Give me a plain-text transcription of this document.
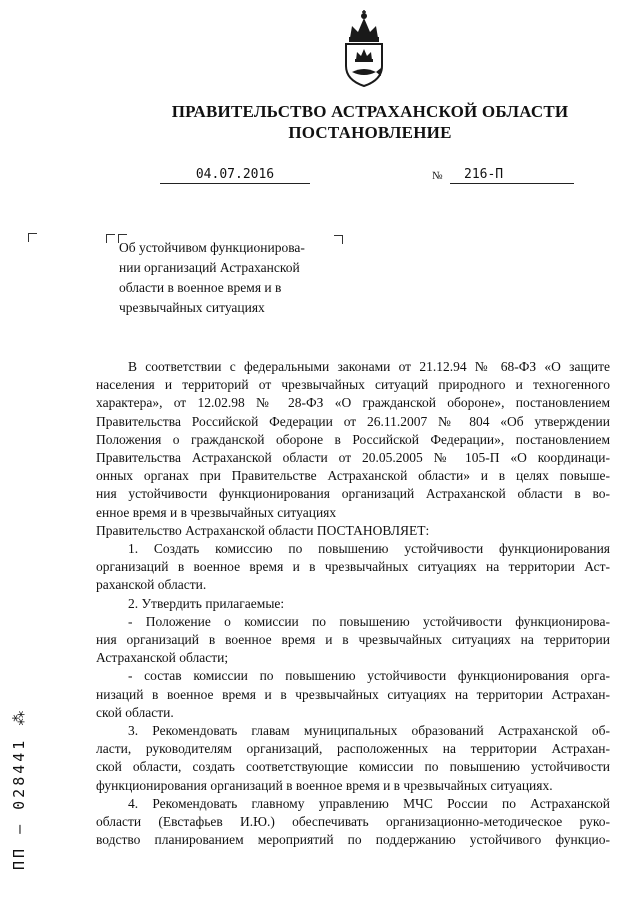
ПРАВИТЕЛЬСТВО АСТРАХАНСКОЙ ОБЛАСТИ
ПОСТАНОВЛЕНИЕ
04.07.2016	№	216-П
Об устойчивом функционирова-
нии организаций Астраханской
области в военное время и в
чрезвычайных ситуациях
В соответствии с федеральными законами от 21.12.94 № 68-ФЗ «О защите
населения и территорий от чрезвычайных ситуаций природного и техногенного
характера», от 12.02.98 № 28-ФЗ «О гражданской обороне», постановлением
Правительства Российской Федерации от 26.11.2007 № 804 «Об утверждении
Положения о гражданской обороне в Российской Федерации», постановлением
Правительства Астраханской области от 20.05.2005 № 105-П «О координаци-
онных органах при Правительстве Астраханской области» и в целях повыше-
ния устойчивости функционирования организаций Астраханской области в во-
енное время и в чрезвычайных ситуациях
Правительство Астраханской области ПОСТАНОВЛЯЕТ:
1. Создать комиссию по повышению устойчивости функционирования
организаций в военное время и в чрезвычайных ситуациях на территории Аст-
раханской области.
2. Утвердить прилагаемые:
- Положение о комиссии по повышению устойчивости функционирова-
ния организаций в военное время и в чрезвычайных ситуациях на территории
Астраханской области;
- состав комиссии по повышению устойчивости функционирования орга-
низаций в военное время и в чрезвычайных ситуациях на территории Астрахан-
ской области.
3. Рекомендовать главам муниципальных образований Астраханской об-
ласти, руководителям организаций, расположенных на территории Астрахан-
ской области, создать соответствующие комиссии по повышению устойчивости
функционирования организаций в военное время и в чрезвычайных ситуациях.
4. Рекомендовать главному управлению МЧС России по Астраханской
области (Евстафьев И.Ю.) обеспечивать организационно-методическое руко-
водство планированием мероприятий по поддержанию устойчивого функцио-
ПП – 028441 ⁂
